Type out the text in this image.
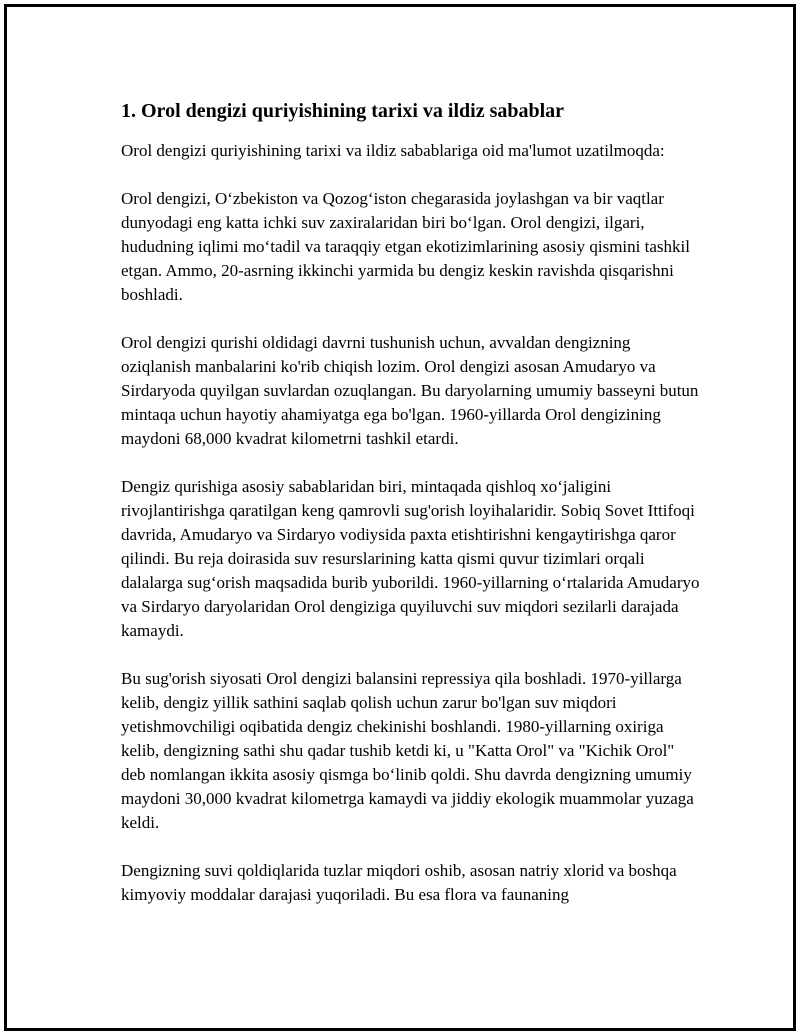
1. Orol dengizi quriyishining tarixi va ildiz sabablar

Orol dengizi quriyishining tarixi va ildiz sabablariga oid ma'lumot uzatilmoqda:

Orol dengizi, O‘zbekiston va Qozog‘iston chegarasida joylashgan va bir vaqtlar dunyodagi eng katta ichki suv zaxiralaridan biri bo‘lgan. Orol dengizi, ilgari, hududning iqlimi mo‘tadil va taraqqiy etgan ekotizimlarining asosiy qismini tashkil etgan. Ammo, 20-asrning ikkinchi yarmida bu dengiz keskin ravishda qisqarishni boshladi.

Orol dengizi qurishi oldidagi davrni tushunish uchun, avvaldan dengizning oziqlanish manbalarini ko'rib chiqish lozim. Orol dengizi asosan Amudaryo va Sirdaryoda quyilgan suvlardan ozuqlangan. Bu daryolarning umumiy basseyni butun mintaqa uchun hayotiy ahamiyatga ega bo'lgan. 1960-yillarda Orol dengizining maydoni 68,000 kvadrat kilometrni tashkil etardi.

Dengiz qurishiga asosiy sabablaridan biri, mintaqada qishloq xo‘jaligini rivojlantirishga qaratilgan keng qamrovli sug'orish loyihalaridir. Sobiq Sovet Ittifoqi davrida, Amudaryo va Sirdaryo vodiysida paxta etishtirishni kengaytirishga qaror qilindi. Bu reja doirasida suv resurslarining katta qismi quvur tizimlari orqali dalalarga sug‘orish maqsadida burib yuborildi. 1960-yillarning o‘rtalarida Amudaryo va Sirdaryo daryolaridan Orol dengiziga quyiluvchi suv miqdori sezilarli darajada kamaydi.

Bu sug'orish siyosati Orol dengizi balansini repressiya qila boshladi. 1970-yillarga kelib, dengiz yillik sathini saqlab qolish uchun zarur bo'lgan suv miqdori yetishmovchiligi oqibatida dengiz chekinishi boshlandi. 1980-yillarning oxiriga kelib, dengizning sathi shu qadar tushib ketdi ki, u "Katta Orol" va "Kichik Orol" deb nomlangan ikkita asosiy qismga bo‘linib qoldi. Shu davrda dengizning umumiy maydoni 30,000 kvadrat kilometrga kamaydi va jiddiy ekologik muammolar yuzaga keldi.

Dengizning suvi qoldiqlarida tuzlar miqdori oshib, asosan natriy xlorid va boshqa kimyoviy moddalar darajasi yuqoriladi. Bu esa flora va faunaning
